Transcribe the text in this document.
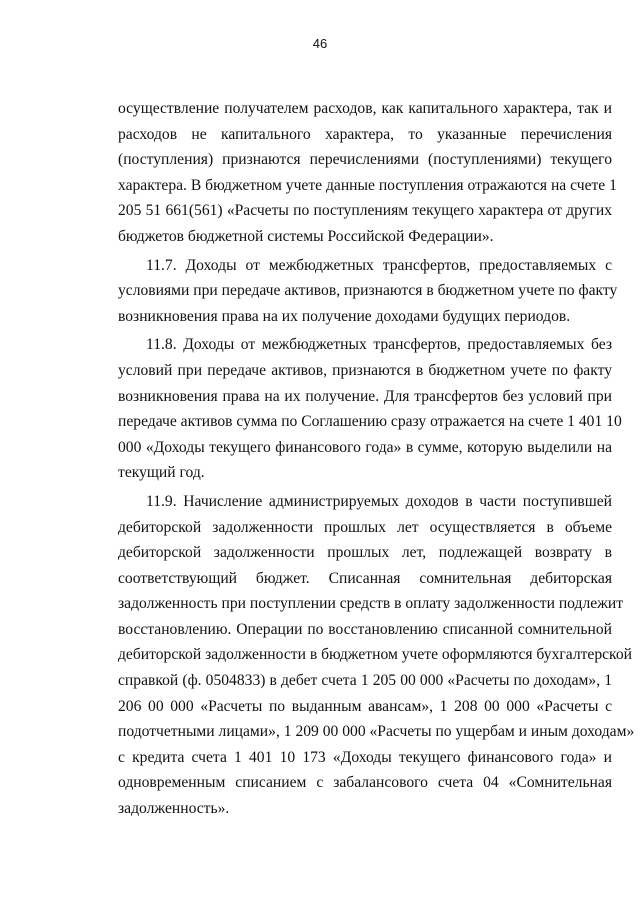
46
осуществление получателем расходов, как капитального характера, так и
расходов не капитального характера, то указанные перечисления
(поступления) признаются перечислениями (поступлениями) текущего
характера. В бюджетном учете данные поступления отражаются на счете 1
205 51 661(561) «Расчеты по поступлениям текущего характера от других
бюджетов бюджетной системы Российской Федерации».
11.7. Доходы от межбюджетных трансфертов, предоставляемых с
условиями при передаче активов, признаются в бюджетном учете по факту
возникновения права на их получение доходами будущих периодов.
11.8. Доходы от межбюджетных трансфертов, предоставляемых без
условий при передаче активов, признаются в бюджетном учете по факту
возникновения права на их получение. Для трансфертов без условий при
передаче активов сумма по Соглашению сразу отражается на счете 1 401 10
000 «Доходы текущего финансового года» в сумме, которую выделили на
текущий год.
11.9. Начисление администрируемых доходов в части поступившей
дебиторской задолженности прошлых лет осуществляется в объеме
дебиторской задолженности прошлых лет, подлежащей возврату в
соответствующий бюджет. Списанная сомнительная дебиторская
задолженность при поступлении средств в оплату задолженности подлежит
восстановлению. Операции по восстановлению списанной сомнительной
дебиторской задолженности в бюджетном учете оформляются бухгалтерской
справкой (ф. 0504833) в дебет счета 1 205 00 000 «Расчеты по доходам», 1
206 00 000 «Расчеты по выданным авансам», 1 208 00 000 «Расчеты с
подотчетными лицами», 1 209 00 000 «Расчеты по ущербам и иным доходам»
с кредита счета 1 401 10 173 «Доходы текущего финансового года» и
одновременным списанием с забалансового счета 04 «Сомнительная
задолженность».
